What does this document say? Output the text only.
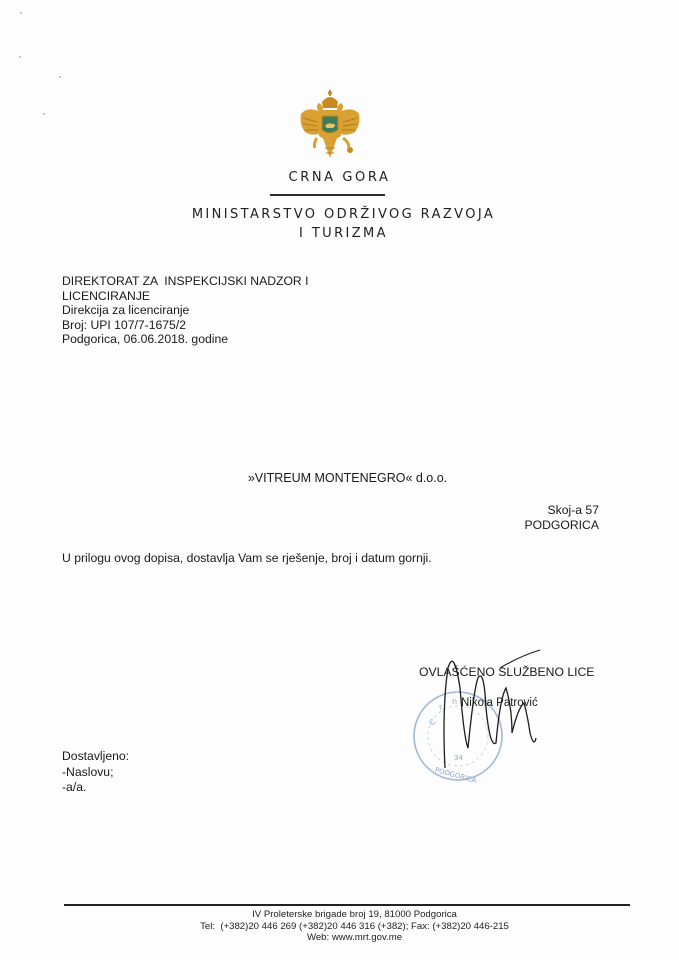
CRNA GORA
MINISTARSTVO ODRŽIVOG RAZVOJA
I TURIZMA
DIREKTORAT ZA  INSPEKCIJSKI NADZOR I
LICENCIRANJE
Direkcija za licenciranje
Broj: UPI 107/7-1675/2
Podgorica, 06.06.2018. godine
»VITREUM MONTENEGRO« d.o.o.
Skoj-a 57
PODGORICA
U prilogu ovog dopisa, dostavlja Vam se rješenje, broj i datum gornji.
C
r
n
34
PODGORICA
OVLAŠĆENO SLUŽBENO LICE
Nikola Patrović
Dostavljeno:
-Naslovu;
-a/a.
IV Proleterske brigade broj 19, 81000 Podgorica
Tel:  (+382)20 446 269 (+382)20 446 316 (+382); Fax: (+382)20 446-215
Web: www.mrt.gov.me
